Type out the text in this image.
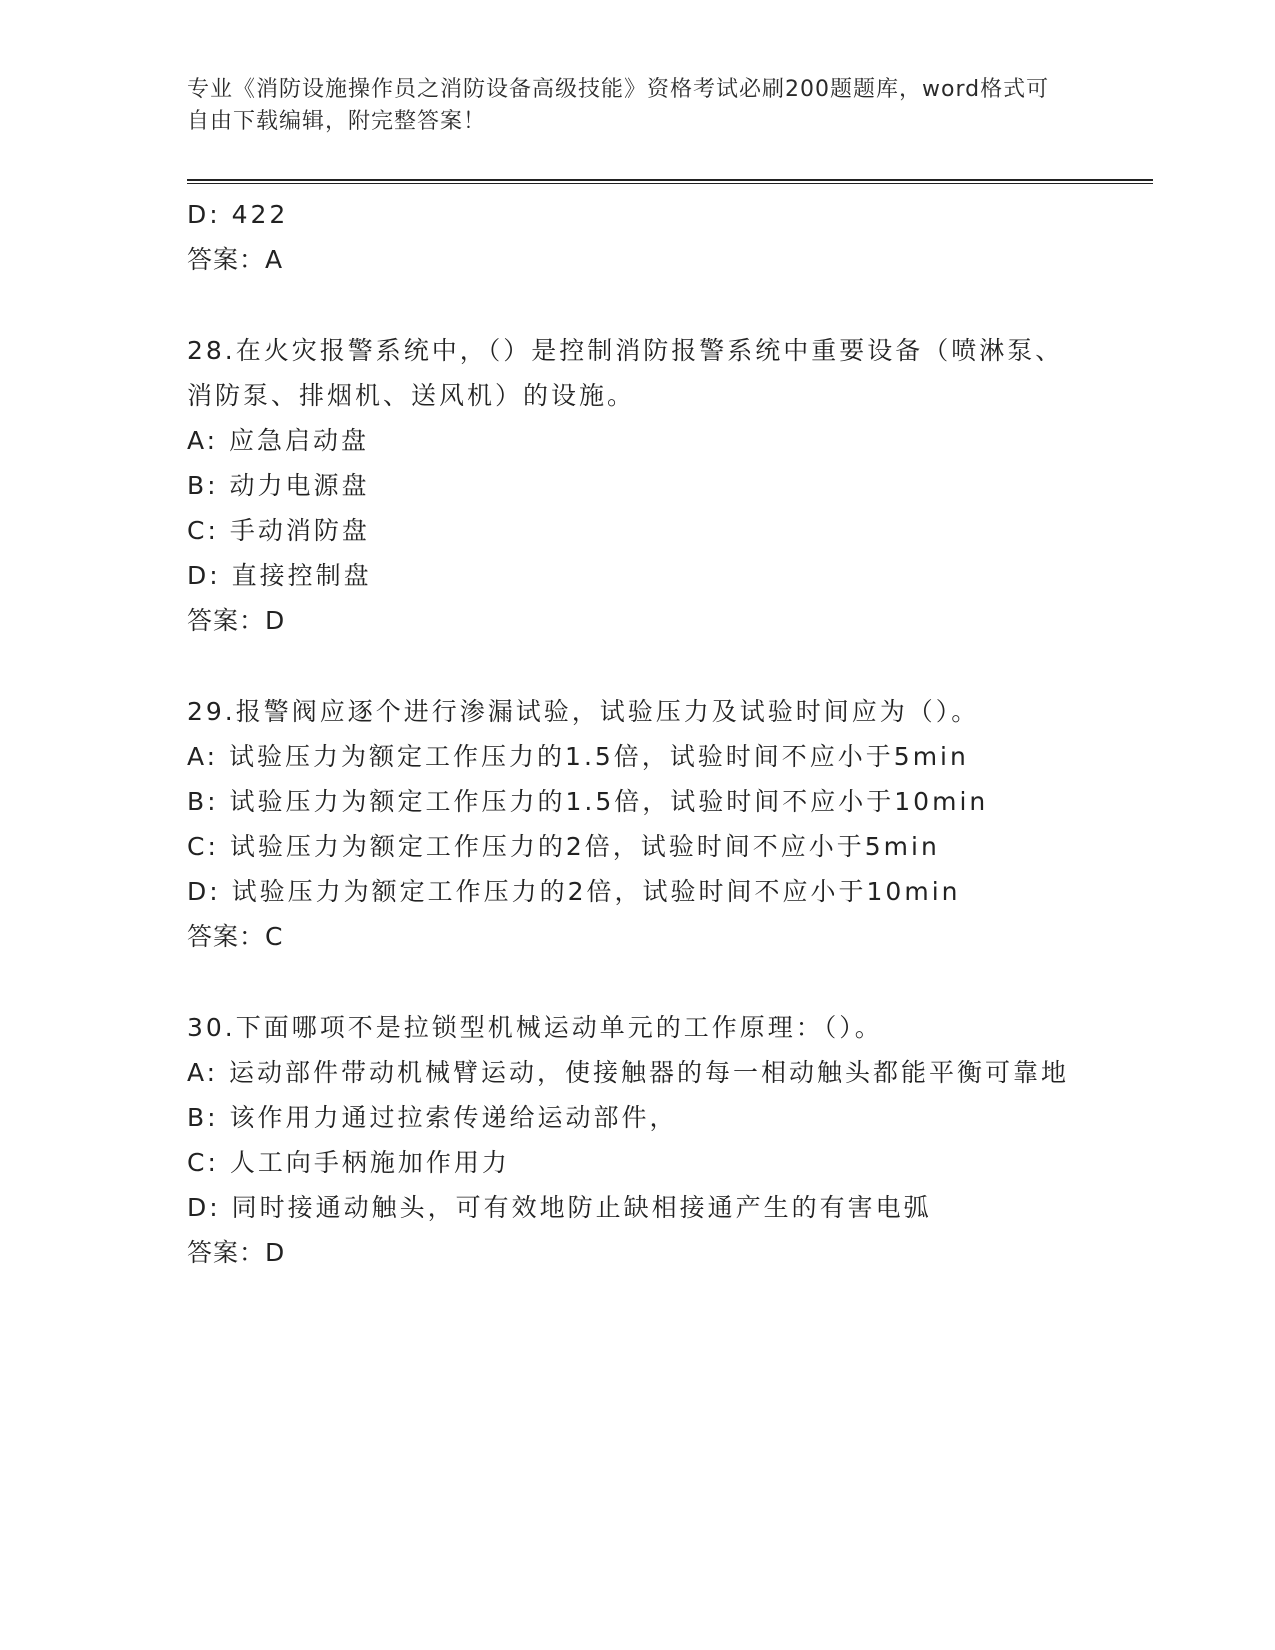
专业《消防设施操作员之消防设备高级技能》资格考试必刷200题题库，word格式可自由下载编辑，附完整答案！

D: 422

答案：A

28.在火灾报警系统中，（）是控制消防报警系统中重要设备（喷淋泵、消防泵、排烟机、送风机）的设施。

A: 应急启动盘

B: 动力电源盘

C: 手动消防盘

D: 直接控制盘

答案：D

29.报警阀应逐个进行渗漏试验，试验压力及试验时间应为（）。

A: 试验压力为额定工作压力的1.5倍，试验时间不应小于5min

B: 试验压力为额定工作压力的1.5倍，试验时间不应小于10min

C: 试验压力为额定工作压力的2倍，试验时间不应小于5min

D: 试验压力为额定工作压力的2倍，试验时间不应小于10min

答案：C

30.下面哪项不是拉锁型机械运动单元的工作原理：（）。

A: 运动部件带动机械臂运动，使接触器的每一相动触头都能平衡可靠地

B: 该作用力通过拉索传递给运动部件，

C: 人工向手柄施加作用力

D: 同时接通动触头，可有效地防止缺相接通产生的有害电弧

答案：D
